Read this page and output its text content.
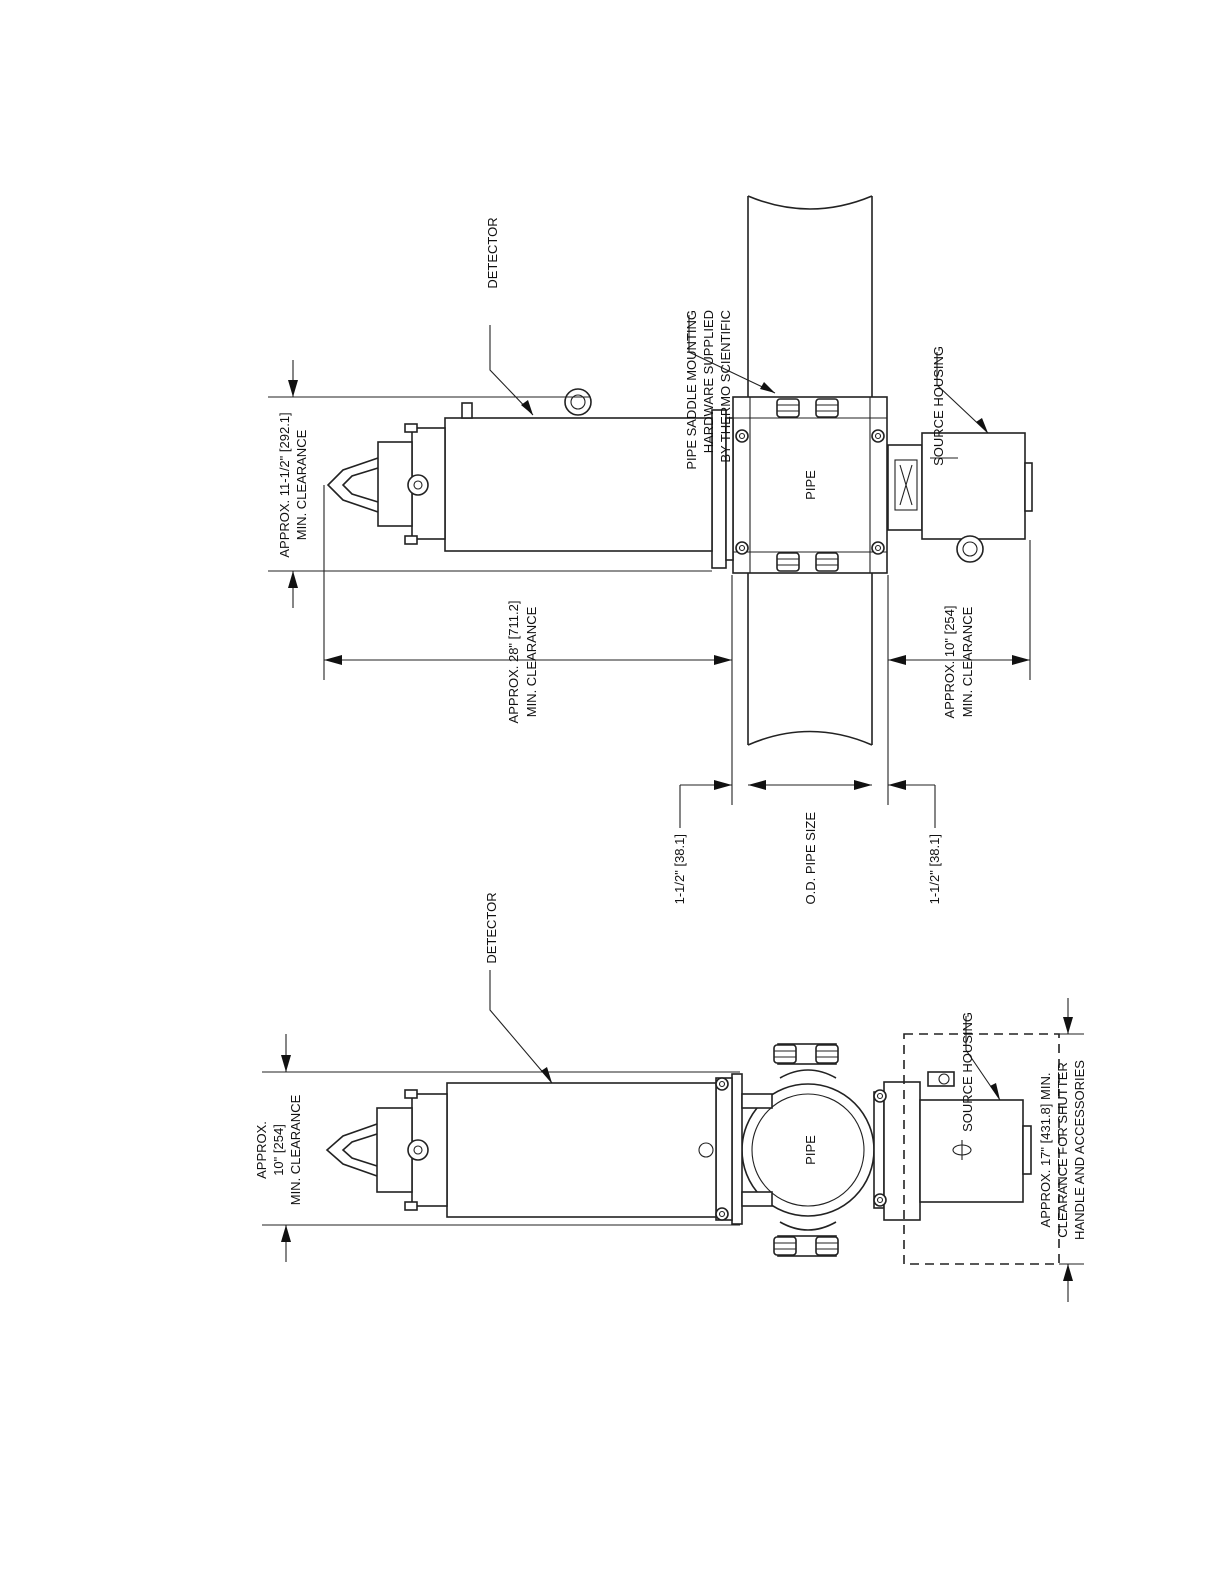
PIPE
APPROX. 11-1/2" [292.1] MIN. CLEARANCE
APPROX. 28" [711.2] MIN. CLEARANCE	APPROX. 10" [254] MIN. CLEARANCE
1-1/2" [38.1]	O.D. PIPE SIZE	1-1/2" [38.1]
DETECTOR
PIPE SADDLE MOUNTING HARDWARE SUPPLIED BY THERMO SCIENTIFIC	SOURCE HOUSING
PIPE
APPROX. 10" [254] MIN. CLEARANCE	APPROX. 17" [431.8] MIN. CLEARANCE FOR SHUTTER HANDLE AND ACCESSORIES
DETECTOR
SOURCE HOUSING
